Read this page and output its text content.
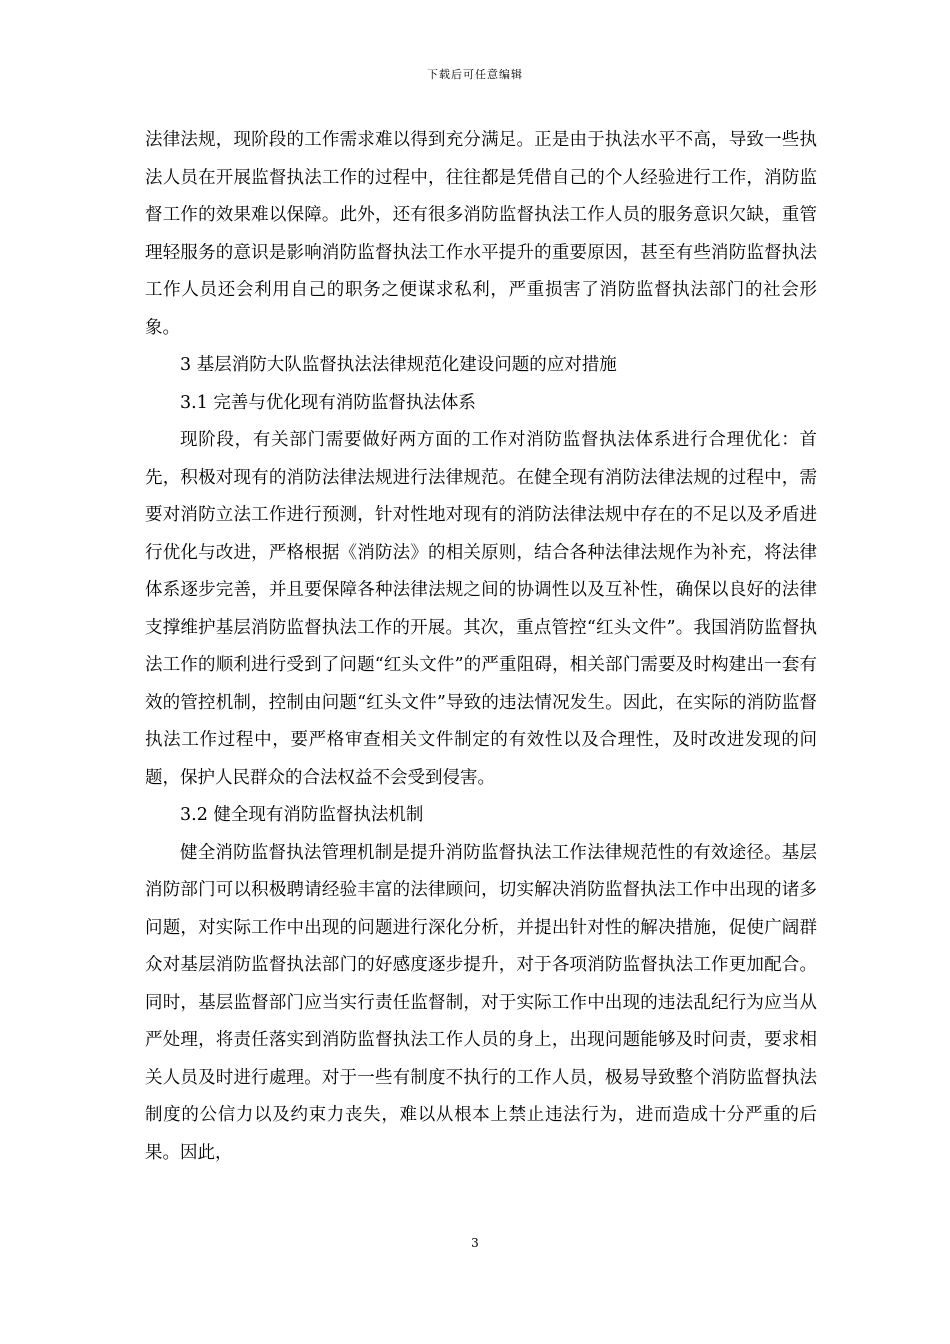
下载后可任意编辑

法律法规，现阶段的工作需求难以得到充分满足。正是由于执法水平不高，导致一些执法人员在开展监督执法工作的过程中，往往都是凭借自己的个人经验进行工作，消防监督工作的效果难以保障。此外，还有很多消防监督执法工作人员的服务意识欠缺，重管理轻服务的意识是影响消防监督执法工作水平提升的重要原因，甚至有些消防监督执法工作人员还会利用自己的职务之便谋求私利，严重损害了消防监督执法部门的社会形象。

3 基层消防大队监督执法法律规范化建设问题的应对措施

3.1 完善与优化现有消防监督执法体系

现阶段，有关部门需要做好两方面的工作对消防监督执法体系进行合理优化：首先，积极对现有的消防法律法规进行法律规范。在健全现有消防法律法规的过程中，需要对消防立法工作进行预测，针对性地对现有的消防法律法规中存在的不足以及矛盾进行优化与改进，严格根据《消防法》的相关原则，结合各种法律法规作为补充，将法律体系逐步完善，并且要保障各种法律法规之间的协调性以及互补性，确保以良好的法律支撑维护基层消防监督执法工作的开展。其次，重点管控“红头文件”。我国消防监督执法工作的顺利进行受到了问题“红头文件”的严重阻碍，相关部门需要及时构建出一套有效的管控机制，控制由问题“红头文件”导致的违法情况发生。因此，在实际的消防监督执法工作过程中，要严格审查相关文件制定的有效性以及合理性，及时改进发现的问题，保护人民群众的合法权益不会受到侵害。

3.2 健全现有消防监督执法机制

健全消防监督执法管理机制是提升消防监督执法工作法律规范性的有效途径。基层消防部门可以积极聘请经验丰富的法律顾问，切实解决消防监督执法工作中出现的诸多问题，对实际工作中出现的问题进行深化分析，并提出针对性的解决措施，促使广阔群众对基层消防监督执法部门的好感度逐步提升，对于各项消防监督执法工作更加配合。同时，基层监督部门应当实行责任监督制，对于实际工作中出现的违法乱纪行为应当从严处理，将责任落实到消防监督执法工作人员的身上，出现问题能够及时问责，要求相关人员及时进行處理。对于一些有制度不执行的工作人员，极易导致整个消防监督执法制度的公信力以及约束力丧失，难以从根本上禁止违法行为，进而造成十分严重的后果。因此，

3
